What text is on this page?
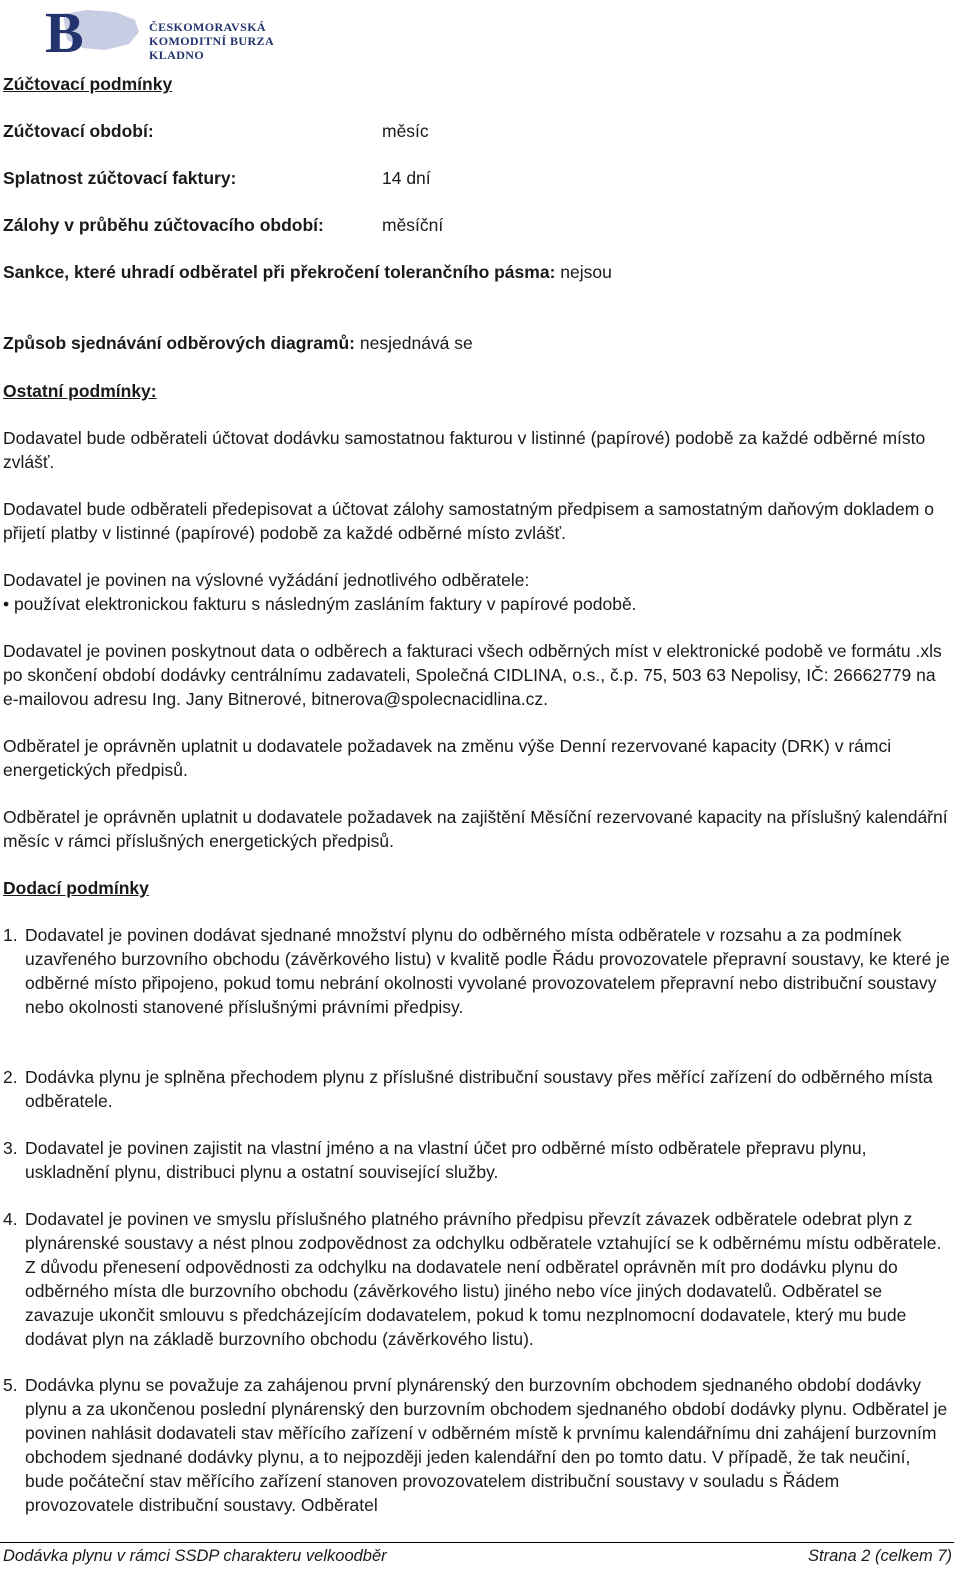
B	ČESKOMORAVSKÁ
KOMODITNÍ BURZA KLADNO
Zúčtovací podmínky
Zúčtovací období:	měsíc
Splatnost zúčtovací faktury:	14 dní
Zálohy v průběhu zúčtovacího období:	měsíční
Sankce, které uhradí odběratel při překročení tolerančního pásma: nejsou
Způsob sjednávání odběrových diagramů: nesjednává se
Ostatní podmínky:

Dodavatel bude odběrateli účtovat dodávku samostatnou fakturou v listinné (papírové) podobě za každé odběrné místo zvlášť.

Dodavatel bude odběrateli předepisovat a účtovat zálohy samostatným předpisem a samostatným daňovým dokladem o přijetí platby v listinné (papírové) podobě za každé odběrné místo zvlášť.

Dodavatel je povinen na výslovné vyžádání jednotlivého odběratele:
• používat elektronickou fakturu s následným zasláním faktury v papírové podobě.

Dodavatel je povinen poskytnout data o odběrech a fakturaci všech odběrných míst v elektronické podobě ve formátu .xls po skončení období dodávky centrálnímu zadavateli, Společná CIDLINA, o.s., č.p. 75, 503 63 Nepolisy, IČ: 26662779 na e-mailovou adresu Ing. Jany Bitnerové, bitnerova@spolecnacidlina.cz.

Odběratel je oprávněn uplatnit u dodavatele požadavek na změnu výše Denní rezervované kapacity (DRK) v rámci energetických předpisů.

Odběratel je oprávněn uplatnit u dodavatele požadavek na zajištění Měsíční rezervované kapacity na příslušný kalendářní měsíc v rámci příslušných energetických předpisů.

Dodací podmínky
1. Dodavatel je povinen dodávat sjednané množství plynu do odběrného místa odběratele v rozsahu a za podmínek uzavřeného burzovního obchodu (závěrkového listu) v kvalitě podle Řádu provozovatele přepravní soustavy, ke které je odběrné místo připojeno, pokud tomu nebrání okolnosti vyvolané provozovatelem přepravní nebo distribuční soustavy nebo okolnosti stanovené příslušnými právními předpisy.
2. Dodávka plynu je splněna přechodem plynu z příslušné distribuční soustavy přes měřící zařízení do odběrného místa odběratele.
3. Dodavatel je povinen zajistit na vlastní jméno a na vlastní účet pro odběrné místo odběratele přepravu plynu, uskladnění plynu, distribuci plynu a ostatní související služby.
4. Dodavatel je povinen ve smyslu příslušného platného právního předpisu převzít závazek odběratele odebrat plyn z plynárenské soustavy a nést plnou zodpovědnost za odchylku odběratele vztahující se k odběrnému místu odběratele. Z důvodu přenesení odpovědnosti za odchylku na dodavatele není odběratel oprávněn mít pro dodávku plynu do odběrného místa dle burzovního obchodu (závěrkového listu) jiného nebo více jiných dodavatelů. Odběratel se zavazuje ukončit smlouvu s předcházejícím dodavatelem, pokud k tomu nezplnomocní dodavatele, který mu bude dodávat plyn na základě burzovního obchodu (závěrkového listu).
5. Dodávka plynu se považuje za zahájenou první plynárenský den burzovním obchodem sjednaného období dodávky plynu a za ukončenou poslední plynárenský den burzovním obchodem sjednaného období dodávky plynu. Odběratel je povinen nahlásit dodavateli stav měřícího zařízení v odběrném místě k prvnímu kalendářnímu dni zahájení burzovním obchodem sjednané dodávky plynu, a to nejpozději jeden kalendářní den po tomto datu. V případě, že tak neučiní, bude počáteční stav měřícího zařízení stanoven provozovatelem distribuční soustavy v souladu s Řádem provozovatele distribuční soustavy. Odběratel
Dodávka plynu v rámci SSDP charakteru velkoodběr	Strana 2 (celkem 7)
